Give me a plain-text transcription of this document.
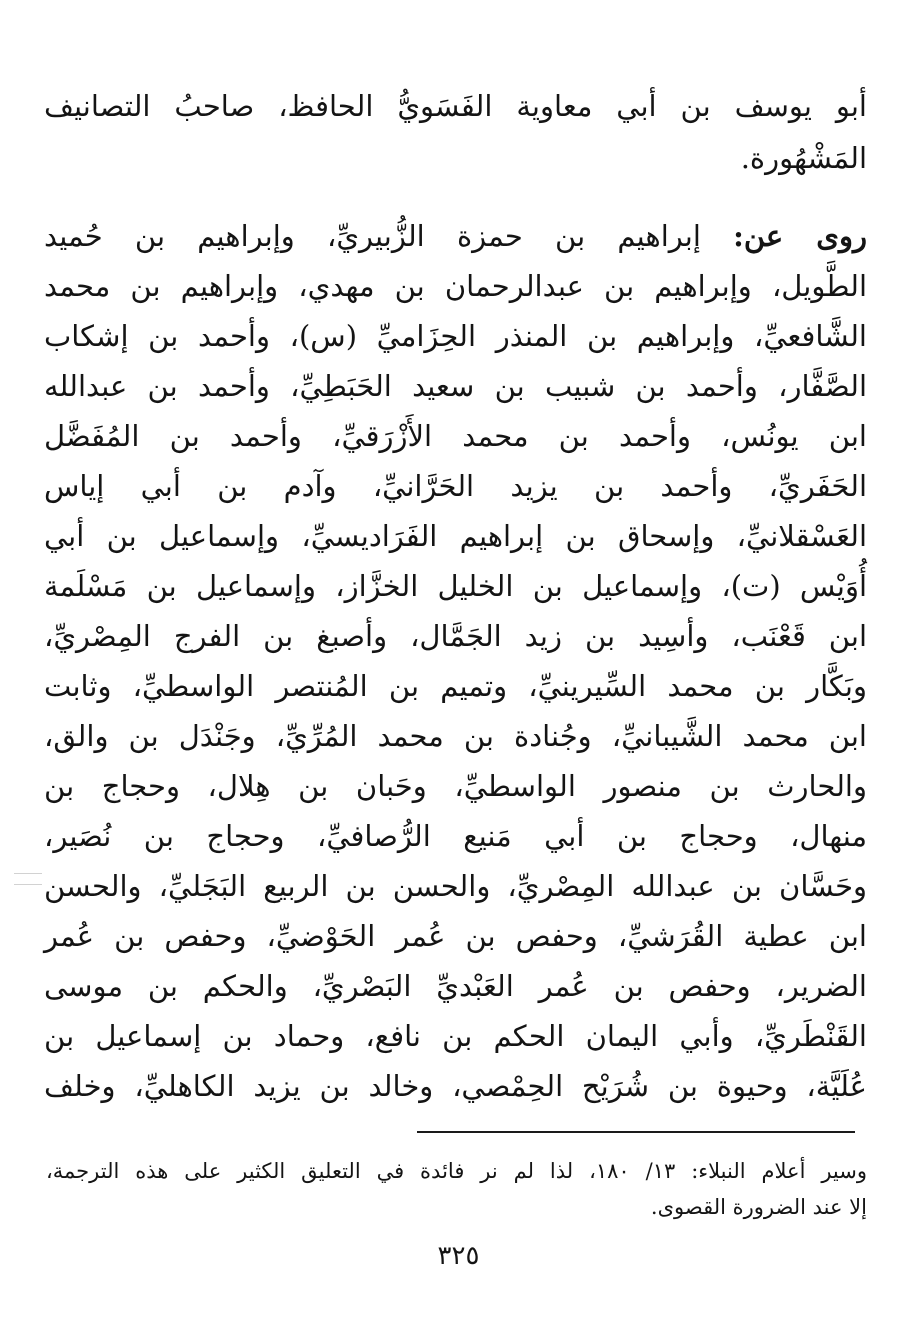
أبو يوسف بن أبي معاوية الفَسَويُّ الحافظ، صاحبُ التصانيف
المَشْهُورة.
روى عن: إبراهيم بن حمزة الزُّبيريِّ، وإبراهيم بن حُميد
الطَّويل، وإبراهيم بن عبدالرحمان بن مهدي، وإبراهيم بن محمد
الشَّافعيِّ، وإبراهيم بن المنذر الحِزَاميِّ (س)، وأحمد بن إشكاب
الصَّفَّار، وأحمد بن شبيب بن سعيد الحَبَطِيِّ، وأحمد بن عبدالله
ابن يونُس، وأحمد بن محمد الأَزْرَقيِّ، وأحمد بن المُفَضَّل
الحَفَريِّ، وأحمد بن يزيد الحَرَّانيِّ، وآدم بن أبي إياس
العَسْقلانيِّ، وإسحاق بن إبراهيم الفَرَاديسيِّ، وإسماعيل بن أبي
أُوَيْس (ت)، وإسماعيل بن الخليل الخزَّاز، وإسماعيل بن مَسْلَمة
ابن قَعْنَب، وأسِيد بن زيد الجَمَّال، وأصبغ بن الفرج المِصْريِّ،
وبَكَّار بن محمد السِّيرينيِّ، وتميم بن المُنتصر الواسطيِّ، وثابت
ابن محمد الشَّيبانيِّ، وجُنادة بن محمد المُرِّيِّ، وجَنْدَل بن والق،
والحارث بن منصور الواسطيِّ، وحَبان بن هِلال، وحجاج بن
منهال، وحجاج بن أبي مَنيع الرُّصافيِّ، وحجاج بن نُصَير،
وحَسَّان بن عبدالله المِصْريِّ، والحسن بن الربيع البَجَليِّ، والحسن
ابن عطية القُرَشيِّ، وحفص بن عُمر الحَوْضيِّ، وحفص بن عُمر
الضرير، وحفص بن عُمر العَبْديِّ البَصْريِّ، والحكم بن موسى
القَنْطَريِّ، وأبي اليمان الحكم بن نافع، وحماد بن إسماعيل بن
عُلَيَّة، وحيوة بن شُرَيْح الحِمْصي، وخالد بن يزيد الكاهليِّ، وخلف
وسير أعلام النبلاء: ١٣/ ١٨٠، لذا لم نر فائدة في التعليق الكثير على هذه الترجمة،
إلا عند الضرورة القصوى.
٣٢٥
